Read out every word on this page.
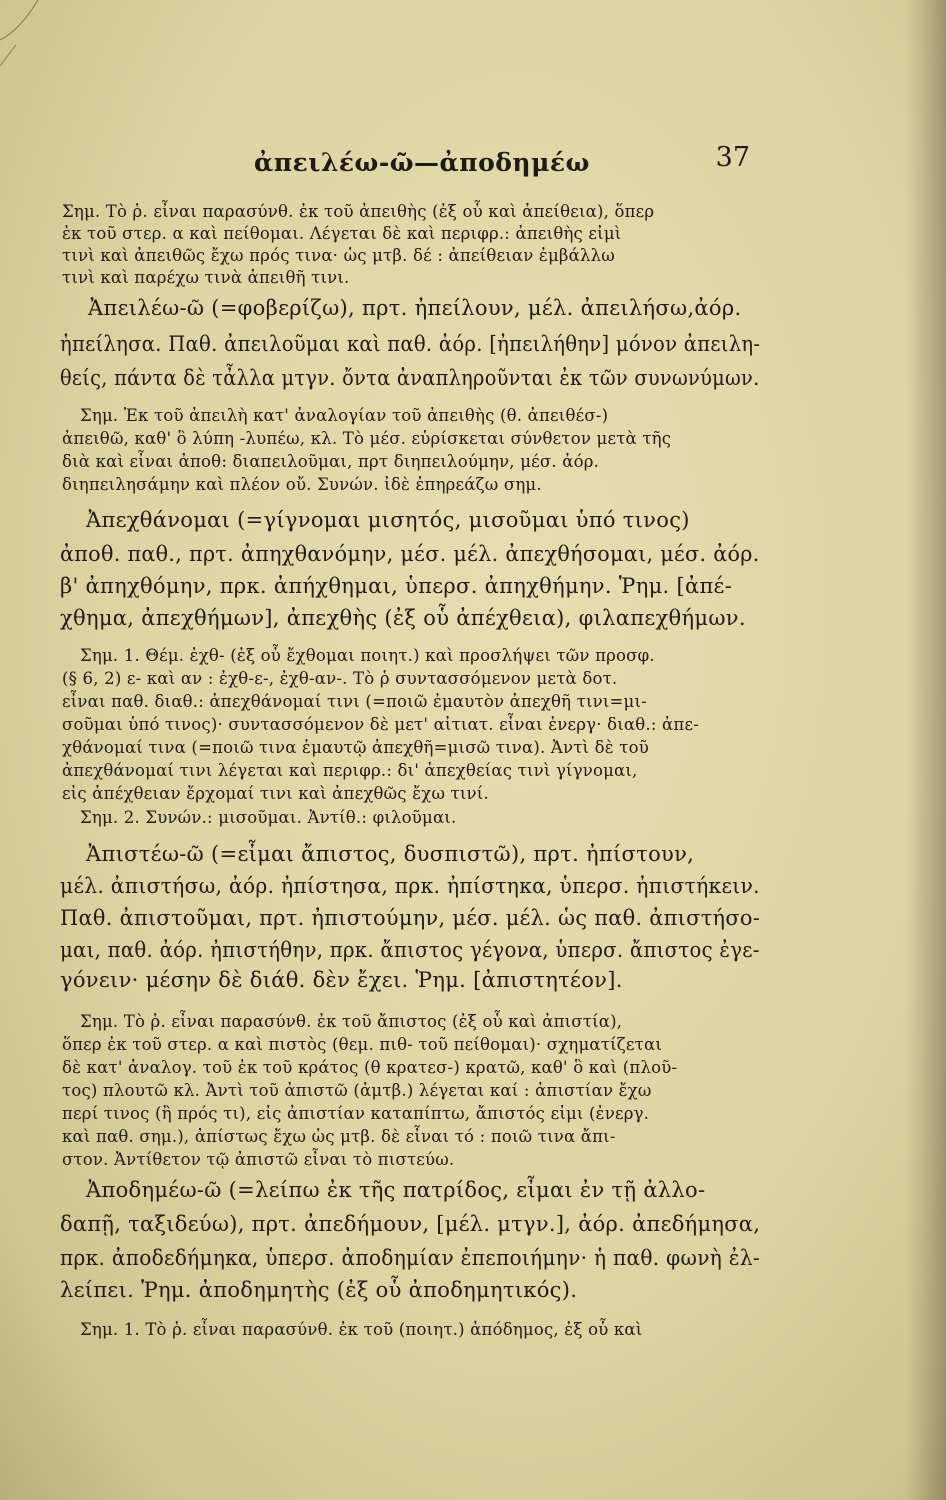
ἀπειλέω-ῶ—ἀποδημέω	37
Σημ. Τὸ ῥ. εἶναι παρασύνθ. ἐκ τοῦ ἀπειθὴς (ἐξ οὗ καὶ ἀπείθεια), ὅπερ
ἐκ τοῦ στερ. α καὶ πείθομαι. Λέγεται δὲ καὶ περιφρ.: ἀπειθὴς εἰμὶ
τινὶ καὶ ἀπειθῶς ἔχω πρός τινα· ὡς μτβ. δέ : ἀπείθειαν ἐμβάλλω
τινὶ καὶ παρέχω τινὰ ἀπειθῆ τινι.
Ἀπειλέω-ῶ (=φοβερίζω), πρτ. ἠπείλουν, μέλ. ἀπειλήσω,ἀόρ.
ἠπείλησα. Παθ. ἀπειλοῦμαι καὶ παθ. ἀόρ. [ἠπειλήθην] μόνον ἀπειλη-
θείς, πάντα δὲ τἆλλα μτγν. ὄντα ἀναπληροῦνται ἐκ τῶν συνωνύμων.
Σημ. Ἐκ τοῦ ἀπειλὴ κατ' ἀναλογίαν τοῦ ἀπειθὴς (θ. ἀπειθέσ-)
ἀπειθῶ, καθ' ὃ λύπη -λυπέω, κλ. Τὸ μέσ. εὑρίσκεται σύνθετον μετὰ τῆς
διὰ καὶ εἶναι ἀποθ: διαπειλοῦμαι, πρτ διηπειλούμην, μέσ. ἀόρ.
διηπειλησάμην καὶ πλέον οὔ. Συνών. ἰδὲ ἐπηρεάζω σημ.
Ἀπεχθάνομαι (=γίγνομαι μισητός, μισοῦμαι ὑπό τινος)
ἀποθ. παθ., πρτ. ἀπηχθανόμην, μέσ. μέλ. ἀπεχθήσομαι, μέσ. ἀόρ.
β' ἀπηχθόμην, πρκ. ἀπήχθημαι, ὑπερσ. ἀπηχθήμην. Ῥημ. [ἀπέ-
χθημα, ἀπεχθήμων], ἀπεχθὴς (ἐξ οὗ ἀπέχθεια), φιλαπεχθήμων.
Σημ. 1. Θέμ. ἐχθ- (ἐξ οὗ ἔχθομαι ποιητ.) καὶ προσλήψει τῶν προσφ.
(§ 6, 2) ε- καὶ αν : ἐχθ-ε-, ἐχθ-αν-. Τὸ ῥ συντασσόμενον μετὰ δοτ.
εἶναι παθ. διαθ.: ἀπεχθάνομαί τινι (=ποιῶ ἐμαυτὸν ἀπεχθῆ τινι=μι-
σοῦμαι ὑπό τινος)· συντασσόμενον δὲ μετ' αἰτιατ. εἶναι ἐνεργ· διαθ.: ἀπε-
χθάνομαί τινα (=ποιῶ τινα ἐμαυτῷ ἀπεχθῆ=μισῶ τινα). Ἀντὶ δὲ τοῦ
ἀπεχθάνομαί τινι λέγεται καὶ περιφρ.: δι' ἀπεχθείας τινὶ γίγνομαι,
εἰς ἀπέχθειαν ἔρχομαί τινι καὶ ἀπεχθῶς ἔχω τινί.
Σημ. 2. Συνών.: μισοῦμαι. Ἀντίθ.: φιλοῦμαι.
Ἀπιστέω-ῶ (=εἶμαι ἄπιστος, δυσπιστῶ), πρτ. ἠπίστουν,
μέλ. ἀπιστήσω, ἀόρ. ἠπίστησα, πρκ. ἠπίστηκα, ὑπερσ. ἠπιστήκειν.
Παθ. ἀπιστοῦμαι, πρτ. ἠπιστούμην, μέσ. μέλ. ὡς παθ. ἀπιστήσο-
μαι, παθ. ἀόρ. ἠπιστήθην, πρκ. ἄπιστος γέγονα, ὑπερσ. ἄπιστος ἐγε-
γόνειν· μέσην δὲ διάθ. δὲν ἔχει. Ῥημ. [ἀπιστητέον].
Σημ. Τὸ ῥ. εἶναι παρασύνθ. ἐκ τοῦ ἄπιστος (ἐξ οὗ καὶ ἀπιστία),
ὅπερ ἐκ τοῦ στερ. α καὶ πιστὸς (θεμ. πιθ- τοῦ πείθομαι)· σχηματίζεται
δὲ κατ' ἀναλογ. τοῦ ἐκ τοῦ κράτος (θ κρατεσ-) κρατῶ, καθ' ὃ καὶ (πλοῦ-
τος) πλουτῶ κλ. Ἀντὶ τοῦ ἀπιστῶ (ἀμτβ.) λέγεται καί : ἀπιστίαν ἔχω
περί τινος (ἢ πρός τι), εἰς ἀπιστίαν καταπίπτω, ἄπιστός εἰμι (ἐνεργ.
καὶ παθ. σημ.), ἀπίστως ἔχω ὡς μτβ. δὲ εἶναι τό : ποιῶ τινα ἄπι-
στον. Ἀντίθετον τῷ ἀπιστῶ εἶναι τὸ πιστεύω.
Ἀποδημέω-ῶ (=λείπω ἐκ τῆς πατρίδος, εἶμαι ἐν τῇ ἀλλο-
δαπῇ, ταξιδεύω), πρτ. ἀπεδήμουν, [μέλ. μτγν.], ἀόρ. ἀπεδήμησα,
πρκ. ἀποδεδήμηκα, ὑπερσ. ἀποδημίαν ἐπεποιήμην· ἡ παθ. φωνὴ ἐλ-
λείπει. Ῥημ. ἀποδημητὴς (ἐξ οὗ ἀποδημητικός).
Σημ. 1. Τὸ ῥ. εἶναι παρασύνθ. ἐκ τοῦ (ποιητ.) ἀπόδημος, ἐξ οὗ καὶ
